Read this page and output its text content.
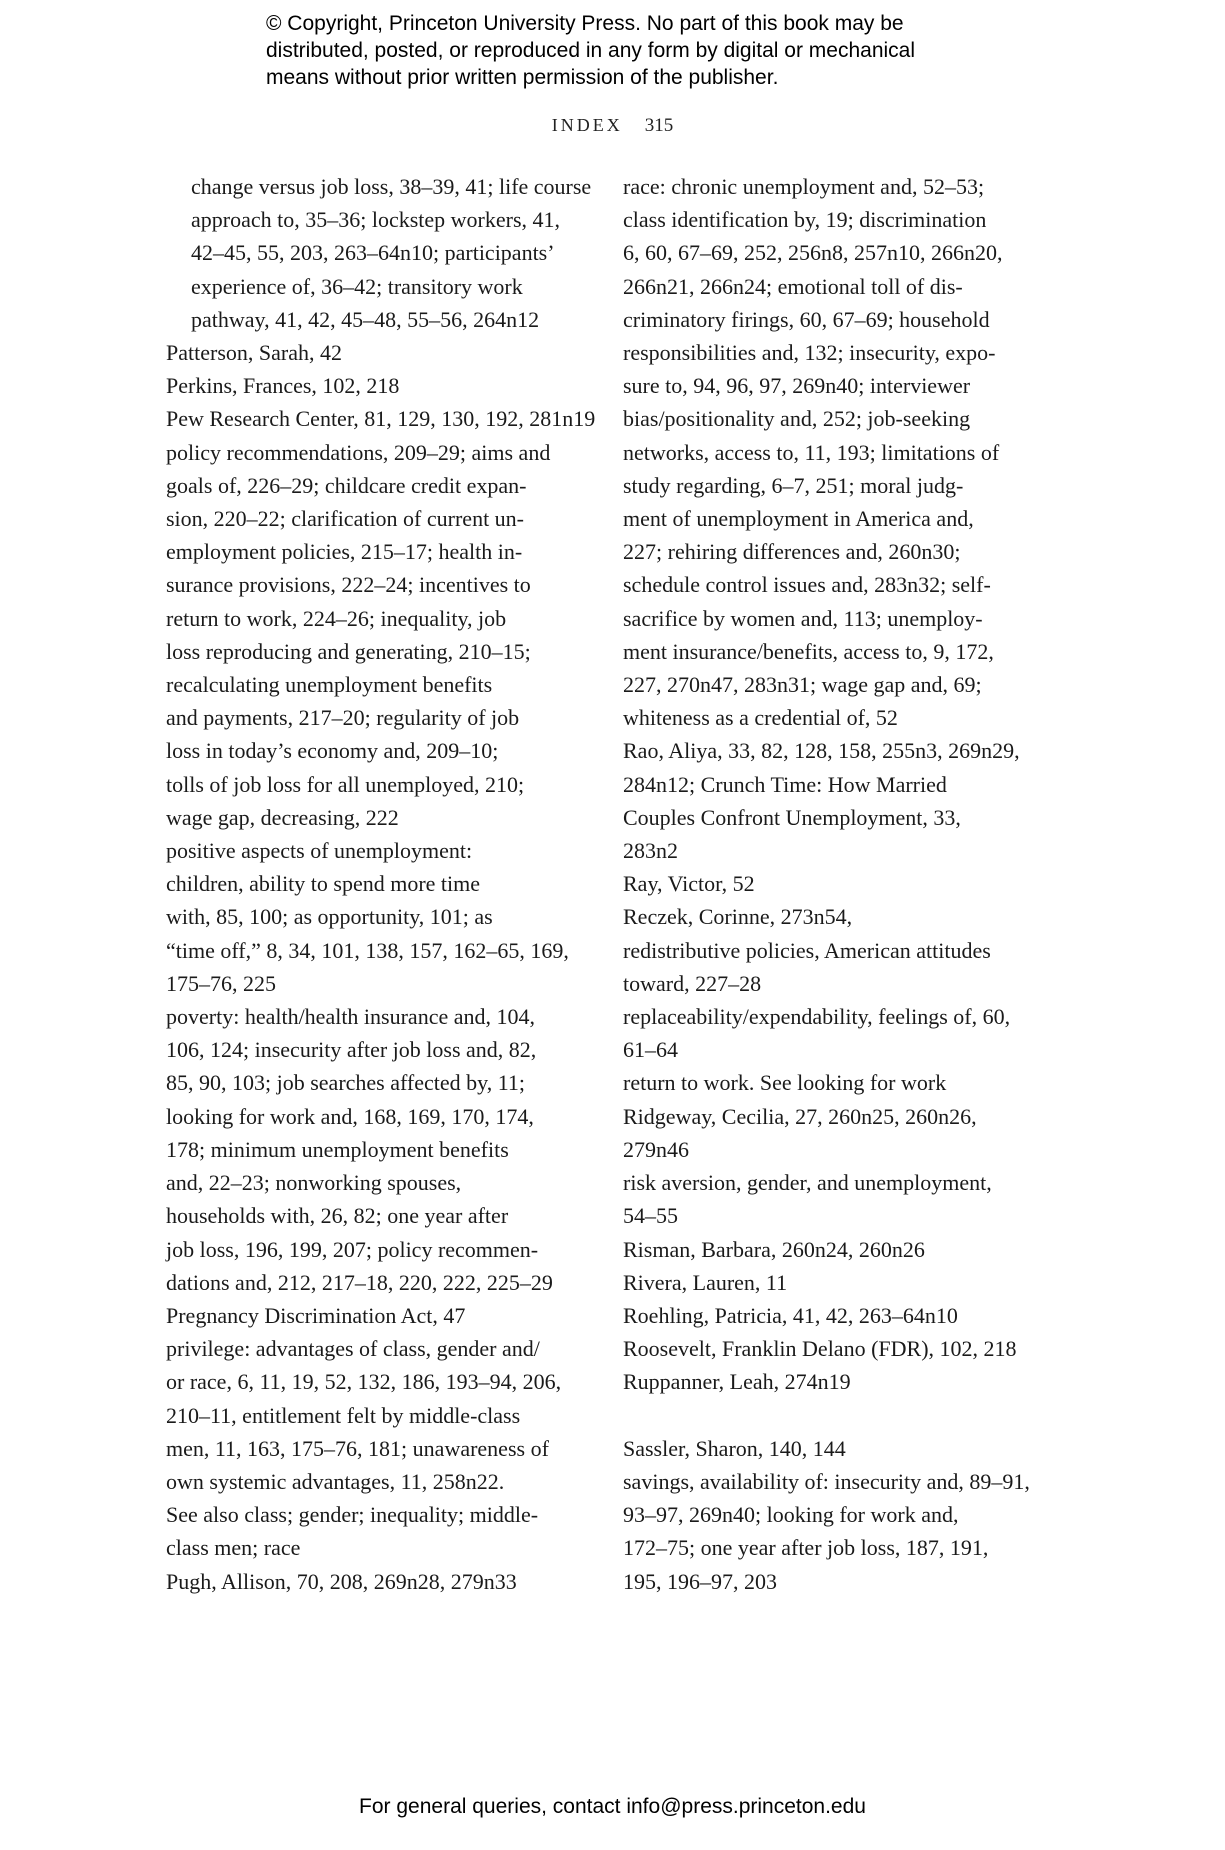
© Copyright, Princeton University Press. No part of this book may be
distributed, posted, or reproduced in any form by digital or mechanical
means without prior written permission of the publisher.
INDEX 315
change versus job loss, 38–39, 41; life course
approach to, 35–36; lockstep workers, 41,
42–45, 55, 203, 263–64n10; participants’
experience of, 36–42; transitory work
pathway, 41, 42, 45–48, 55–56, 264n12
Patterson, Sarah, 42
Perkins, Frances, 102, 218
Pew Research Center, 81, 129, 130, 192, 281n19
policy recommendations, 209–29; aims and
goals of, 226–29; childcare credit expan-
sion, 220–22; clarification of current un-
employment policies, 215–17; health in-
surance provisions, 222–24; incentives to
return to work, 224–26; inequality, job
loss reproducing and generating, 210–15;
recalculating unemployment benefits
and payments, 217–20; regularity of job
loss in today’s economy and, 209–10;
tolls of job loss for all unemployed, 210;
wage gap, decreasing, 222
positive aspects of unemployment:
children, ability to spend more time
with, 85, 100; as opportunity, 101; as
“time off,” 8, 34, 101, 138, 157, 162–65, 169,
175–76, 225
poverty: health/health insurance and, 104,
106, 124; insecurity after job loss and, 82,
85, 90, 103; job searches affected by, 11;
looking for work and, 168, 169, 170, 174,
178; minimum unemployment benefits
and, 22–23; nonworking spouses,
households with, 26, 82; one year after
job loss, 196, 199, 207; policy recommen-
dations and, 212, 217–18, 220, 222, 225–29
Pregnancy Discrimination Act, 47
privilege: advantages of class, gender and/
or race, 6, 11, 19, 52, 132, 186, 193–94, 206,
210–11, entitlement felt by middle-class
men, 11, 163, 175–76, 181; unawareness of
own systemic advantages, 11, 258n22.
See also class; gender; inequality; middle-
class men; race
Pugh, Allison, 70, 208, 269n28, 279n33
race: chronic unemployment and, 52–53;
class identification by, 19; discrimination
6, 60, 67–69, 252, 256n8, 257n10, 266n20,
266n21, 266n24; emotional toll of dis-
criminatory firings, 60, 67–69; household
responsibilities and, 132; insecurity, expo-
sure to, 94, 96, 97, 269n40; interviewer
bias/positionality and, 252; job-seeking
networks, access to, 11, 193; limitations of
study regarding, 6–7, 251; moral judg-
ment of unemployment in America and,
227; rehiring differences and, 260n30;
schedule control issues and, 283n32; self-
sacrifice by women and, 113; unemploy-
ment insurance/benefits, access to, 9, 172,
227, 270n47, 283n31; wage gap and, 69;
whiteness as a credential of, 52
Rao, Aliya, 33, 82, 128, 158, 255n3, 269n29,
284n12; Crunch Time: How Married
Couples Confront Unemployment, 33,
283n2
Ray, Victor, 52
Reczek, Corinne, 273n54,
redistributive policies, American attitudes
toward, 227–28
replaceability/expendability, feelings of, 60,
61–64
return to work. See looking for work
Ridgeway, Cecilia, 27, 260n25, 260n26,
279n46
risk aversion, gender, and unemployment,
54–55
Risman, Barbara, 260n24, 260n26
Rivera, Lauren, 11
Roehling, Patricia, 41, 42, 263–64n10
Roosevelt, Franklin Delano (FDR), 102, 218
Ruppanner, Leah, 274n19
Sassler, Sharon, 140, 144
savings, availability of: insecurity and, 89–91,
93–97, 269n40; looking for work and,
172–75; one year after job loss, 187, 191,
195, 196–97, 203
For general queries, contact info@press.princeton.edu
